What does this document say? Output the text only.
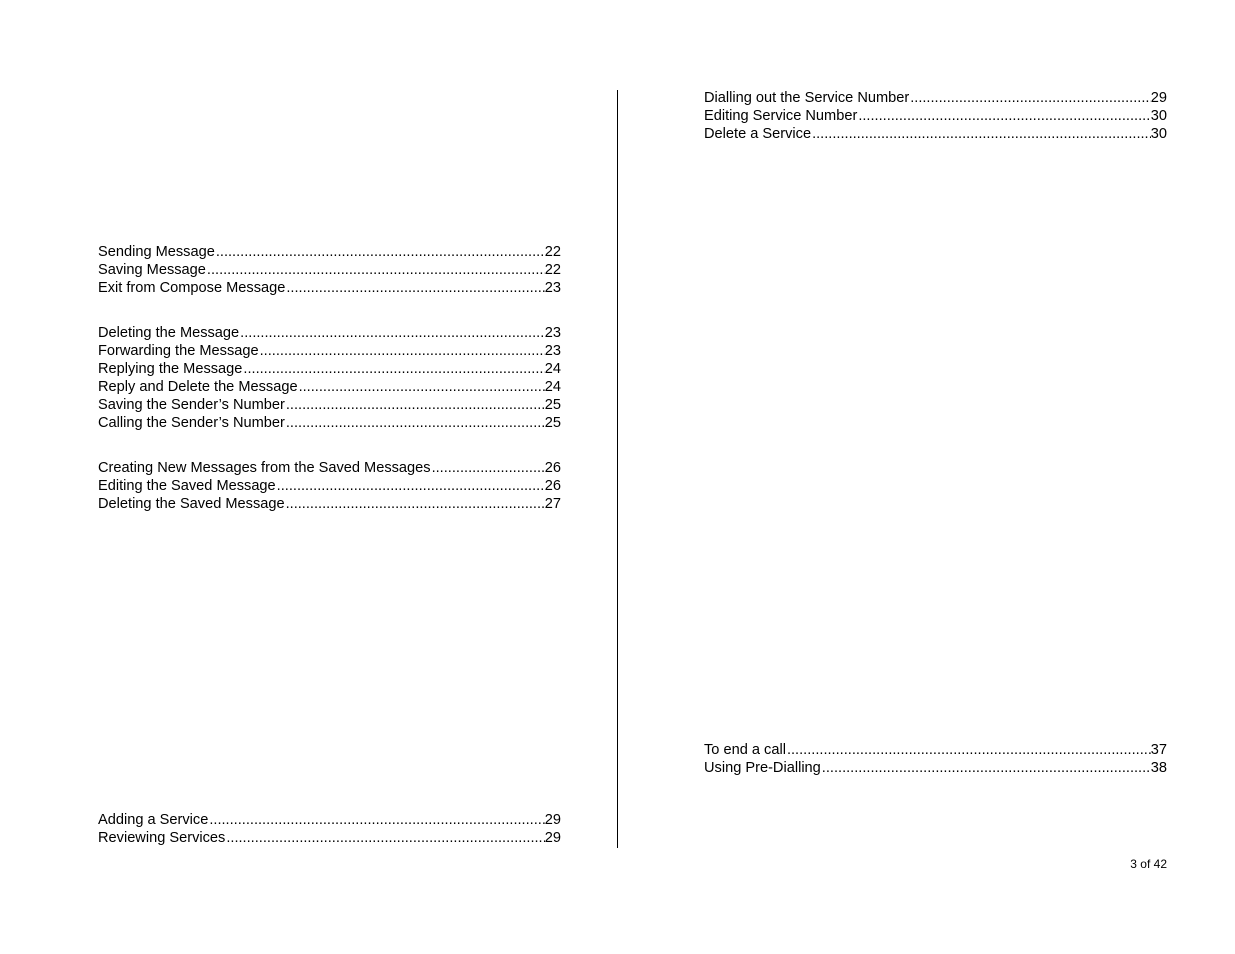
Sending Message .....	22
Saving Message .....	22
Exit from Compose Message .....	23
Deleting the Message .....	23
Forwarding the Message .....	23
Replying the Message .....	24
Reply and Delete the Message .....	24
Saving the Sender’s Number .....	25
Calling the Sender’s Number .....	25
Creating New Messages from the Saved Messages .....	26
Editing the Saved Message .....	26
Deleting the Saved Message .....	27
Adding a Service .....	29
Reviewing Services .....	29
Dialling out the Service Number .....	29
Editing Service Number .....	30
Delete a Service .....	30
To end a call .....	37
Using Pre-Dialling .....	38
3 of 42
